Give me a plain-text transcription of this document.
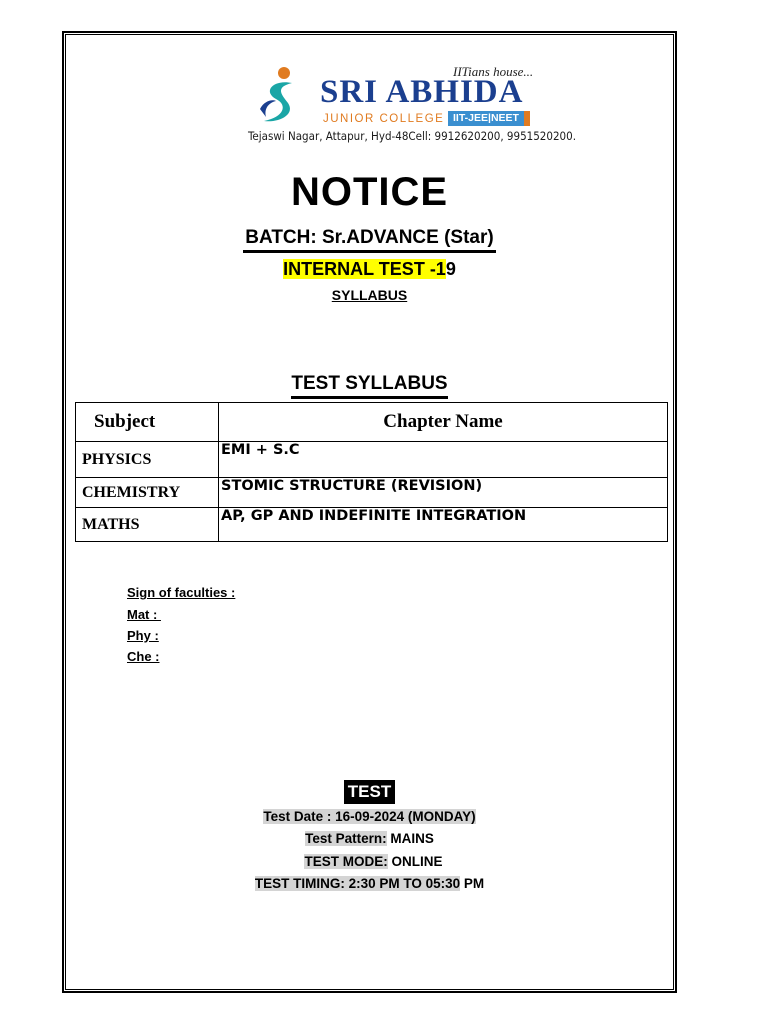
IITians house...
SRI ABHIDA
JUNIOR COLLEGE IIT-JEE|NEET
Tejaswi Nagar, Attapur, Hyd-48Cell: 9912620200, 9951520200.
NOTICE
BATCH: Sr.ADVANCE (Star)
INTERNAL TEST -19
SYLLABUS
TEST SYLLABUS
Subject	Chapter Name
PHYSICS	EMI + S.C
CHEMISTRY	STOMIC STRUCTURE (REVISION)
MATHS	AP, GP AND INDEFINITE INTEGRATION
Sign of faculties :
Mat :
Phy :
Che :
TEST
Test Date : 16-09-2024 (MONDAY)
Test Pattern: MAINS
TEST MODE: ONLINE
TEST TIMING: 2:30 PM TO 05:30 PM
